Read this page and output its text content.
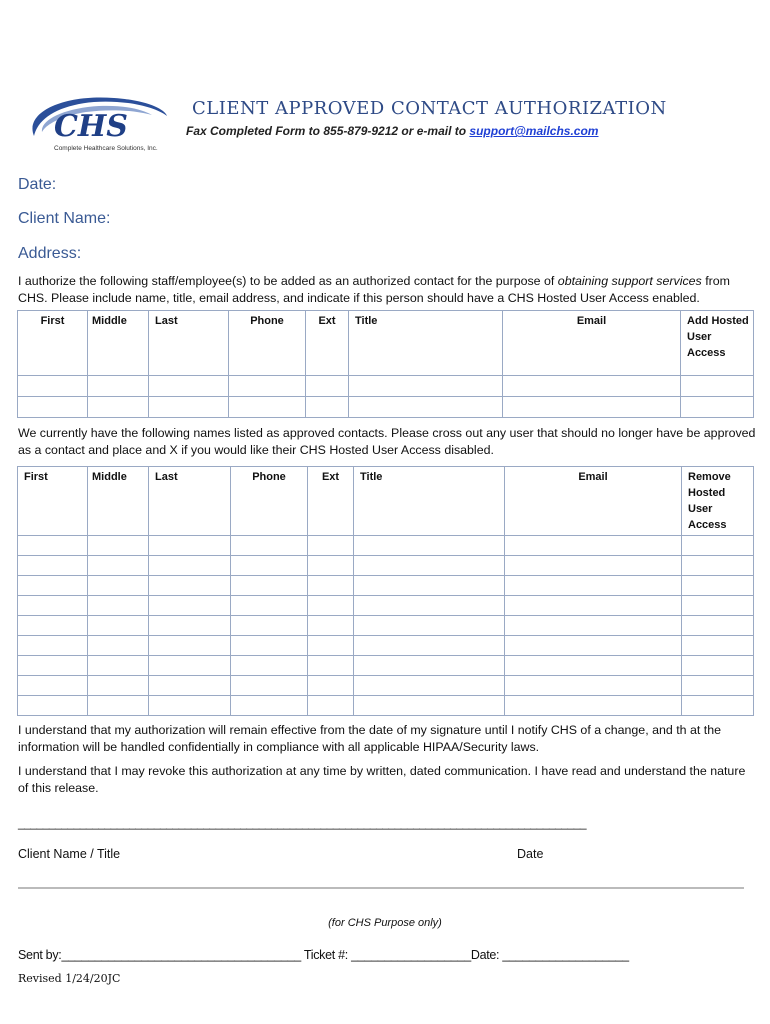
CHS
Complete Healthcare Solutions, Inc.
CLIENT APPROVED CONTACT AUTHORIZATION
Fax Completed Form to 855-879-9212 or e-mail to support@mailchs.com
Date:
Client Name:
Address:
I authorize the following staff/employee(s) to be added as an authorized contact for the purpose of obtaining support services from CHS. Please include name, title, email address, and indicate if this person should have a CHS Hosted User Access enabled.
First	Middle	Last	Phone	Ext	Title	Email	Add Hosted User Access

We currently have the following names listed as approved contacts. Please cross out any user that should no longer have be approved as a contact and place and X if you would like their CHS Hosted User Access disabled.
First	Middle	Last	Phone	Ext	Title	Email	Remove Hosted User Access

I understand that my authorization will remain effective from the date of my signature until I notify CHS of a change, and th at the information will be handled confidentially in compliance with all applicable HIPAA/Security laws.
I understand that I may revoke this authorization at any time by written, dated communication. I have read and understand the nature of this release.
____________________________________________________________________________________________
Client Name / Title	Date
(for CHS Purpose only)
Sent by:____________________________________ Ticket #: __________________Date: ___________________
Revised 1/24/20JC
